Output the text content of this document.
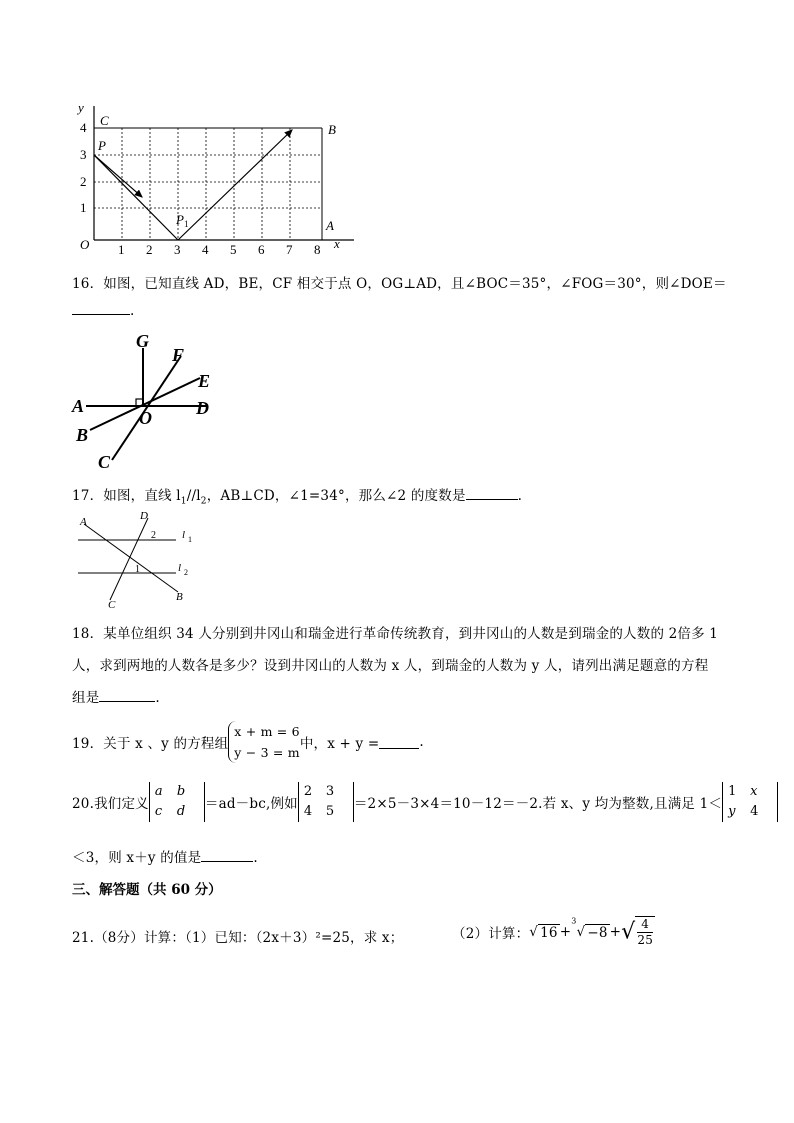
y
x
O
1
2
3
4
1 2 3 4 5 6 7 8
C
B
P
P 1	A
16．如图，已知直线 AD，BE，CF 相交于点 O，OG⊥AD，且∠BOC＝35°，∠FOG＝30°，则∠DOE＝
.
G
F
E
A
O D
B
C
17．如图，直线 $l_1//l_2$，AB⊥CD，∠1=34°，那么∠2 的度数是	.
A	D
l 1
l 2
C
B
1
2
18．某单位组织 34 人分别到井冈山和瑞金进行革命传统教育，到井冈山的人数是到瑞金的人数的 2倍多 1
人，求到两地的人数各是多少？设到井冈山的人数为 x 人，到瑞金的人数为 y 人，请列出满足题意的方程
组是	.
19．关于 x 、y 的方程组x + m = 6
y − 3 = m中，x + y =	.
20.我们定义a b
c d ＝ad－bc,例如2 3
4 5 ＝2×5－3×4＝10－12＝－2.若 x、y 均为整数,且满足 1＜1 x
y 4
＜3，则 x＋y 的值是	.
三、解答题（共 60 分）
21.（8分）计算：（1）已知：（2x＋3）²=25，求 x；	（2）计算：√ 16 +$^3$√ −8 +√ $\frac{4}{25}$
